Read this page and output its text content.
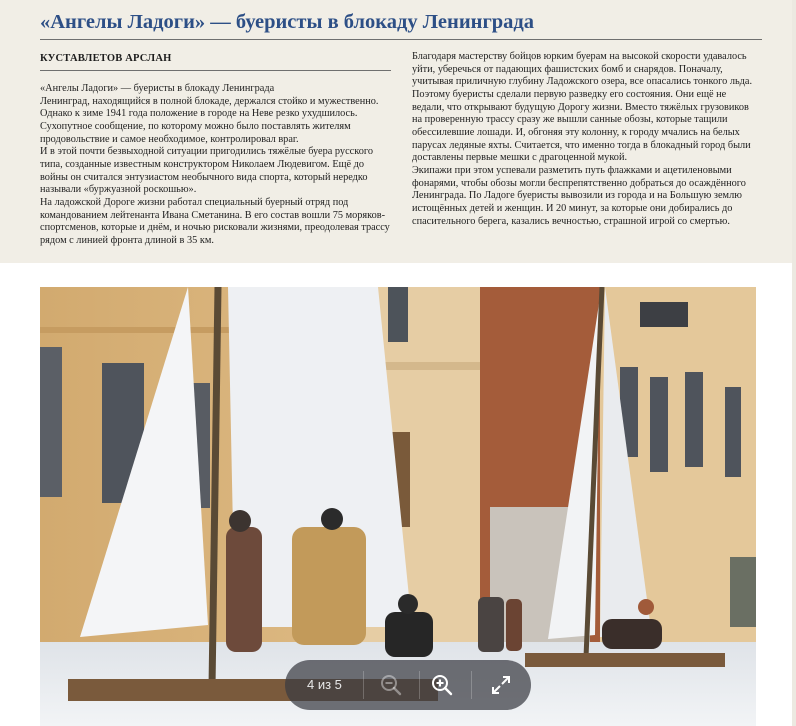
«Ангелы Ладоги» — буеристы в блокаду Ленинграда
КУСТАВЛЕТОВ АРСЛАН

«Ангелы Ладоги» — буеристы в блокаду Ленинграда

Ленинград, находящийся в полной блокаде, держался стойко и мужественно. Однако к зиме 1941 года положение в городе на Неве резко ухудшилось. Сухопутное сообщение, по которому можно было поставлять жителям продовольствие и самое необходимое, контролировал враг.

И в этой почти безвыходной ситуации пригодились тяжёлые буера русского типа, созданные известным конструктором Николаем Людевигом. Ещё до войны он считался энтузиастом необычного вида спорта, который нередко называли «буржуазной роскошью».

На ладожской Дороге жизни работал специальный буерный отряд под командованием лейтенанта Ивана Сметанина. В его состав вошли 75 моряков-спортсменов, которые и днём, и ночью рисковали жизнями, преодолевая трассу рядом с линией фронта длиной в 35 км.

Благодаря мастерству бойцов юрким буерам на высокой скорости удавалось уйти, уберечься от падающих фашистских бомб и снарядов. Поначалу, учитывая приличную глубину Ладожского озера, все опасались тонкого льда. Поэтому буеристы сделали первую разведку его состояния. Они ещё не ведали, что открывают будущую Дорогу жизни. Вместо тяжёлых грузовиков на проверенную трассу сразу же вышли санные обозы, которые тащили обессилевшие лошади. И, обгоняя эту колонну, к городу мчались на белых парусах ледяные яхты. Считается, что именно тогда в блокадный город были доставлены первые мешки с драгоценной мукой.

Экипажи при этом успевали разметить путь флажками и ацетиленовыми фонарями, чтобы обозы могли беспрепятственно добраться до осаждённого Ленинграда. По Ладоге буеристы вывозили из города и на Большую землю истощённых детей и женщин. И 20 минут, за которые они добирались до спасительного берега, казались вечностью, страшной игрой со смертью.

4 из 5
